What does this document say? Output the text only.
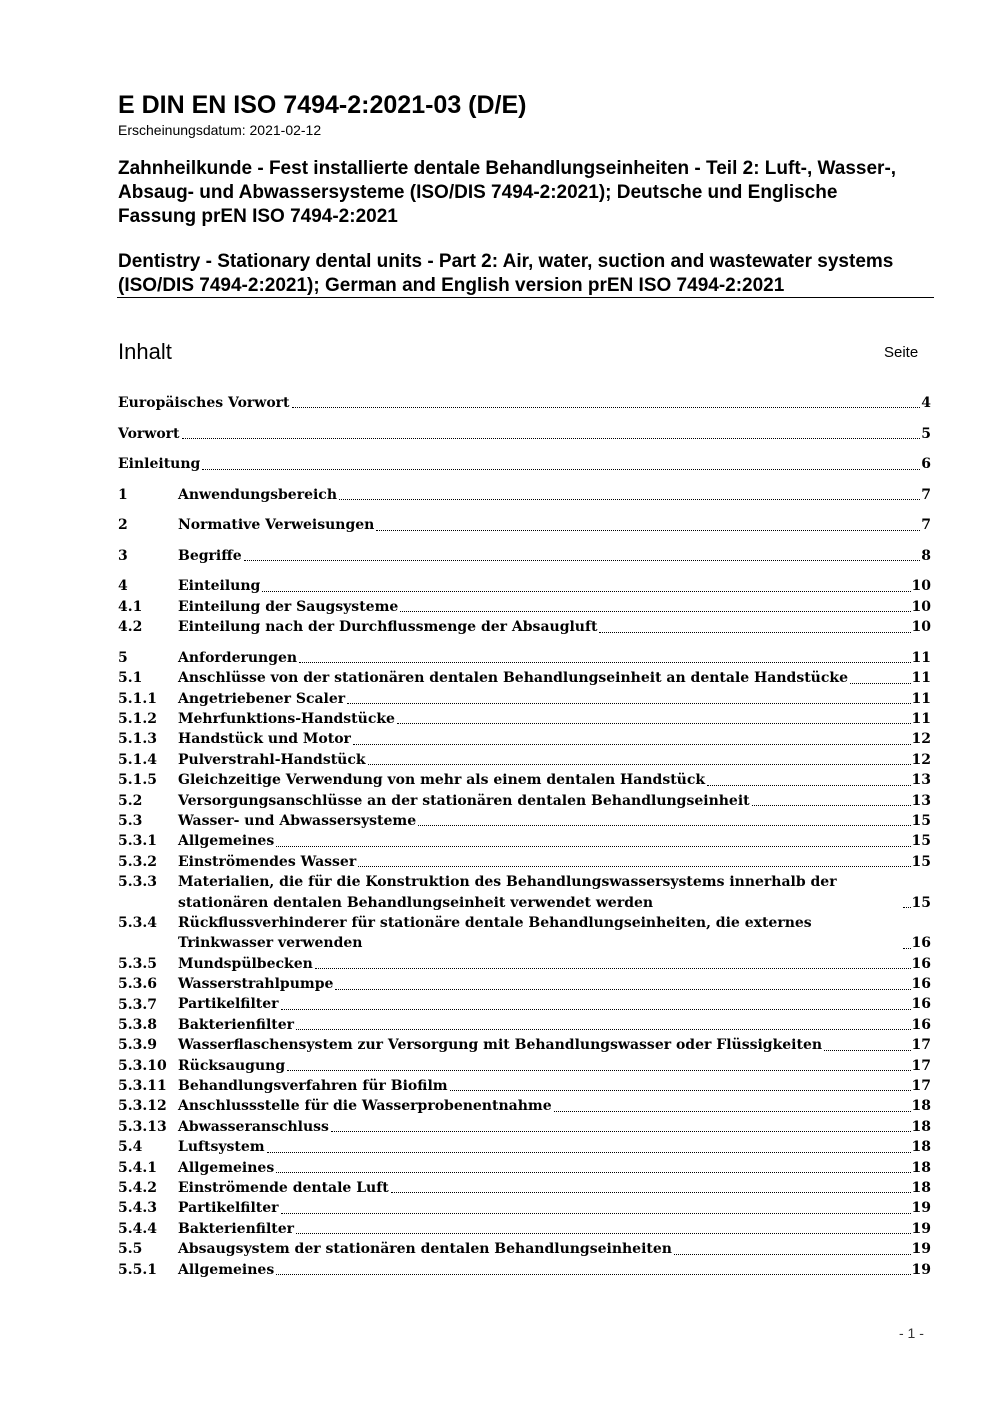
E DIN EN ISO 7494-2:2021-03 (D/E)
Erscheinungsdatum: 2021-02-12
Zahnheilkunde - Fest installierte dentale Behandlungseinheiten - Teil 2: Luft-, Wasser-, Absaug- und Abwassersysteme (ISO/DIS 7494-2:2021); Deutsche und Englische Fassung prEN ISO 7494-2:2021
Dentistry - Stationary dental units - Part 2: Air, water, suction and wastewater systems (ISO/DIS 7494-2:2021); German and English version prEN ISO 7494-2:2021
Inhalt	Seite
Europäisches Vorwort	4
Vorwort	5
Einleitung	6
1	Anwendungsbereich	7
2	Normative Verweisungen	7
3	Begriffe	8
4	Einteilung	10
4.1	Einteilung der Saugsysteme	10
4.2	Einteilung nach der Durchflussmenge der Absaugluft	10
5	Anforderungen	11
5.1	Anschlüsse von der stationären dentalen Behandlungseinheit an dentale Handstücke	11
5.1.1	Angetriebener Scaler	11
5.1.2	Mehrfunktions-Handstücke	11
5.1.3	Handstück und Motor	12
5.1.4	Pulverstrahl-Handstück	12
5.1.5	Gleichzeitige Verwendung von mehr als einem dentalen Handstück	13
5.2	Versorgungsanschlüsse an der stationären dentalen Behandlungseinheit	13
5.3	Wasser- und Abwassersysteme	15
5.3.1	Allgemeines	15
5.3.2	Einströmendes Wasser	15
5.3.3	Materialien, die für die Konstruktion des Behandlungswassersystems innerhalb der stationären dentalen Behandlungseinheit verwendet werden	15
5.3.4	Rückflussverhinderer für stationäre dentale Behandlungseinheiten, die externes Trinkwasser verwenden	16
5.3.5	Mundspülbecken	16
5.3.6	Wasserstrahlpumpe	16
5.3.7	Partikelfilter	16
5.3.8	Bakterienfilter	16
5.3.9	Wasserflaschensystem zur Versorgung mit Behandlungswasser oder Flüssigkeiten	17
5.3.10 Rücksaugung	17
5.3.11 Behandlungsverfahren für Biofilm	17
5.3.12 Anschlussstelle für die Wasserprobenentnahme	18
5.3.13 Abwasseranschluss	18
5.4	Luftsystem	18
5.4.1	Allgemeines	18
5.4.2	Einströmende dentale Luft	18
5.4.3	Partikelfilter	19
5.4.4	Bakterienfilter	19
5.5	Absaugsystem der stationären dentalen Behandlungseinheiten	19
5.5.1	Allgemeines	19
- 1 -
